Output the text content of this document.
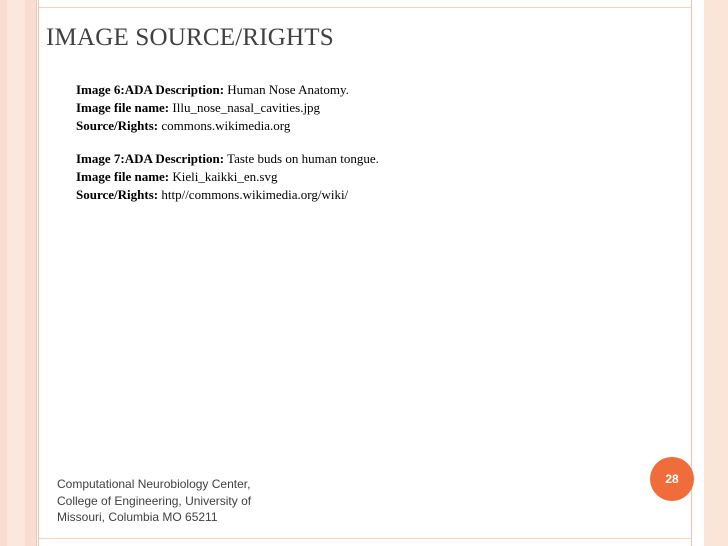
IMAGE SOURCE/RIGHTS
Image 6:ADA Description: Human Nose Anatomy.
Image file name: Illu_nose_nasal_cavities.jpg
Source/Rights: commons.wikimedia.org
Image 7:ADA Description: Taste buds on human tongue.
Image file name: Kieli_kaikki_en.svg
Source/Rights: http//commons.wikimedia.org/wiki/
Computational Neurobiology Center,
College of Engineering, University of
Missouri, Columbia MO 65211
28
